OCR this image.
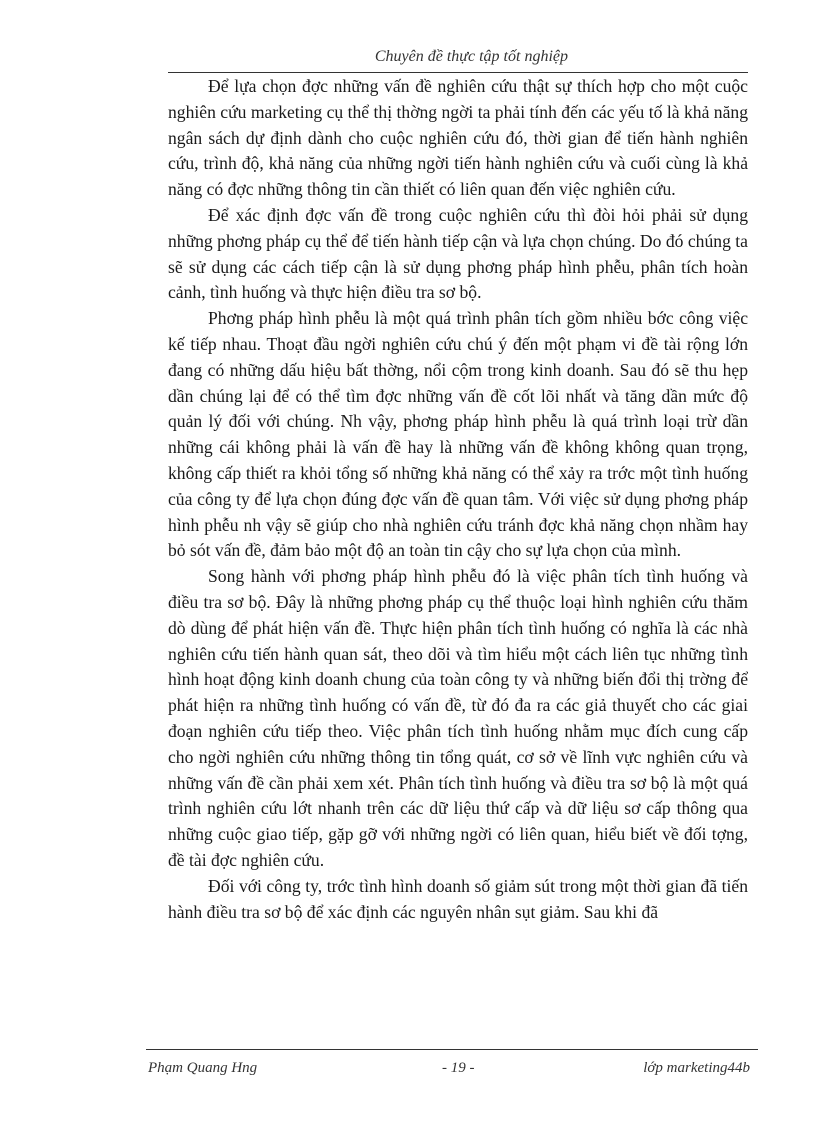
Chuyên đề thực tập tốt nghiệp

Để lựa chọn đợc những vấn đề nghiên cứu thật sự thích hợp cho một cuộc nghiên cứu marketing cụ thể thị thờng ngời ta phải tính đến các yếu tố là khả năng ngân sách dự định dành cho cuộc nghiên cứu đó, thời gian để tiến hành nghiên cứu, trình độ, khả năng của những ngời tiến hành nghiên cứu và cuối cùng là khả năng có đợc những thông tin cần thiết có liên quan đến việc nghiên cứu.

Để xác định đợc vấn đề trong cuộc nghiên cứu thì đòi hỏi phải sử dụng những phơng pháp cụ thể để tiến hành tiếp cận và lựa chọn chúng. Do đó chúng ta sẽ sử dụng các cách tiếp cận là sử dụng phơng pháp hình phễu, phân tích hoàn cảnh, tình huống và thực hiện điều tra sơ bộ.

Phơng pháp hình phễu là một quá trình phân tích gồm nhiều bớc công việc kế tiếp nhau. Thoạt đầu ngời nghiên cứu chú ý đến một phạm vi đề tài rộng lớn đang có những dấu hiệu bất thờng, nổi cộm trong kinh doanh. Sau đó sẽ thu hẹp dần chúng lại để có thể tìm đợc những vấn đề cốt lõi nhất và tăng dần mức độ quản lý đối với chúng. Nh vậy, phơng pháp hình phễu là quá trình loại trừ dần những cái không phải là vấn đề hay là những vấn đề không không quan trọng, không cấp thiết ra khỏi tổng số những khả năng có thể xảy ra trớc một tình huống của công ty để lựa chọn đúng đợc vấn đề quan tâm. Với việc sử dụng phơng pháp hình phễu nh vậy sẽ giúp cho nhà nghiên cứu tránh đợc khả năng chọn nhầm hay bỏ sót vấn đề, đảm bảo một độ an toàn tin cậy cho sự lựa chọn của mình.

Song hành với phơng pháp hình phễu đó là việc phân tích tình huống và điều tra sơ bộ. Đây là những phơng pháp cụ thể thuộc loại hình nghiên cứu thăm dò dùng để phát hiện vấn đề. Thực hiện phân tích tình huống có nghĩa là các nhà nghiên cứu tiến hành quan sát, theo dõi và tìm hiểu một cách liên tục những tình hình hoạt động kinh doanh chung của toàn công ty và những biến đổi thị trờng để phát hiện ra những tình huống có vấn đề, từ đó đa ra các giả thuyết cho các giai đoạn nghiên cứu tiếp theo. Việc phân tích tình huống nhằm mục đích cung cấp cho ngời nghiên cứu những thông tin tổng quát, cơ sở về lĩnh vực nghiên cứu và những vấn đề cần phải xem xét. Phân tích tình huống và điều tra sơ bộ là một quá trình nghiên cứu lớt nhanh trên các dữ liệu thứ cấp và dữ liệu sơ cấp thông qua những cuộc giao tiếp, gặp gỡ với những ngời có liên quan, hiểu biết về đối tợng, đề tài đợc nghiên cứu.

Đối với công ty, trớc tình hình doanh số giảm sút trong một thời gian đã tiến hành điều tra sơ bộ để xác định các nguyên nhân sụt giảm. Sau khi đã

Phạm Quang Hng	- 19 -	lớp marketing44b
